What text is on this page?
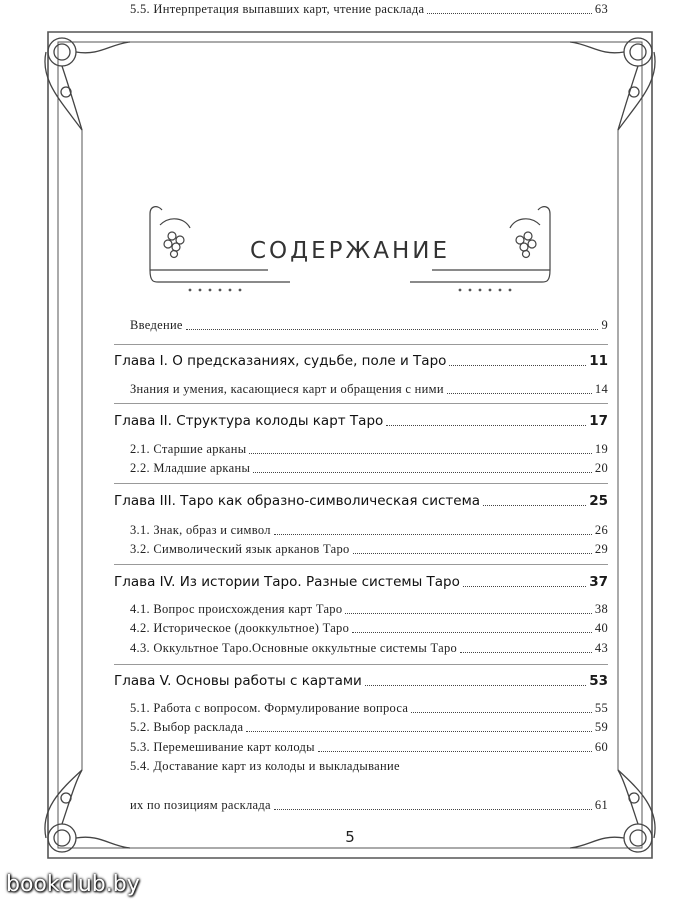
СОДЕРЖАНИЕ
Введение	9
Глава I. О предсказаниях, судьбе, поле и Таро	11
Знания и умения, касающиеся карт и обращения с ними	14
Глава II. Структура колоды карт Таро	17
2.1. Старшие арканы	19
2.2. Младшие арканы	20
Глава III. Таро как образно-символическая система	25
3.1. Знак, образ и символ	26
3.2. Символический язык арканов Таро	29
Глава IV. Из истории Таро. Разные системы Таро	37
4.1. Вопрос происхождения карт Таро	38
4.2. Историческое (дооккультное) Таро	40
4.3. Оккультное Таро.Основные оккультные системы Таро	43
Глава V. Основы работы с картами	53
5.1. Работа с вопросом. Формулирование вопроса	55
5.2. Выбор расклада	59
5.3. Перемешивание карт колоды	60
5.4. Доставание карт из колоды и выкладывание
их по позициям расклада	61
5.5. Интерпретация выпавших карт, чтение расклада	63
5
bookclub.by
